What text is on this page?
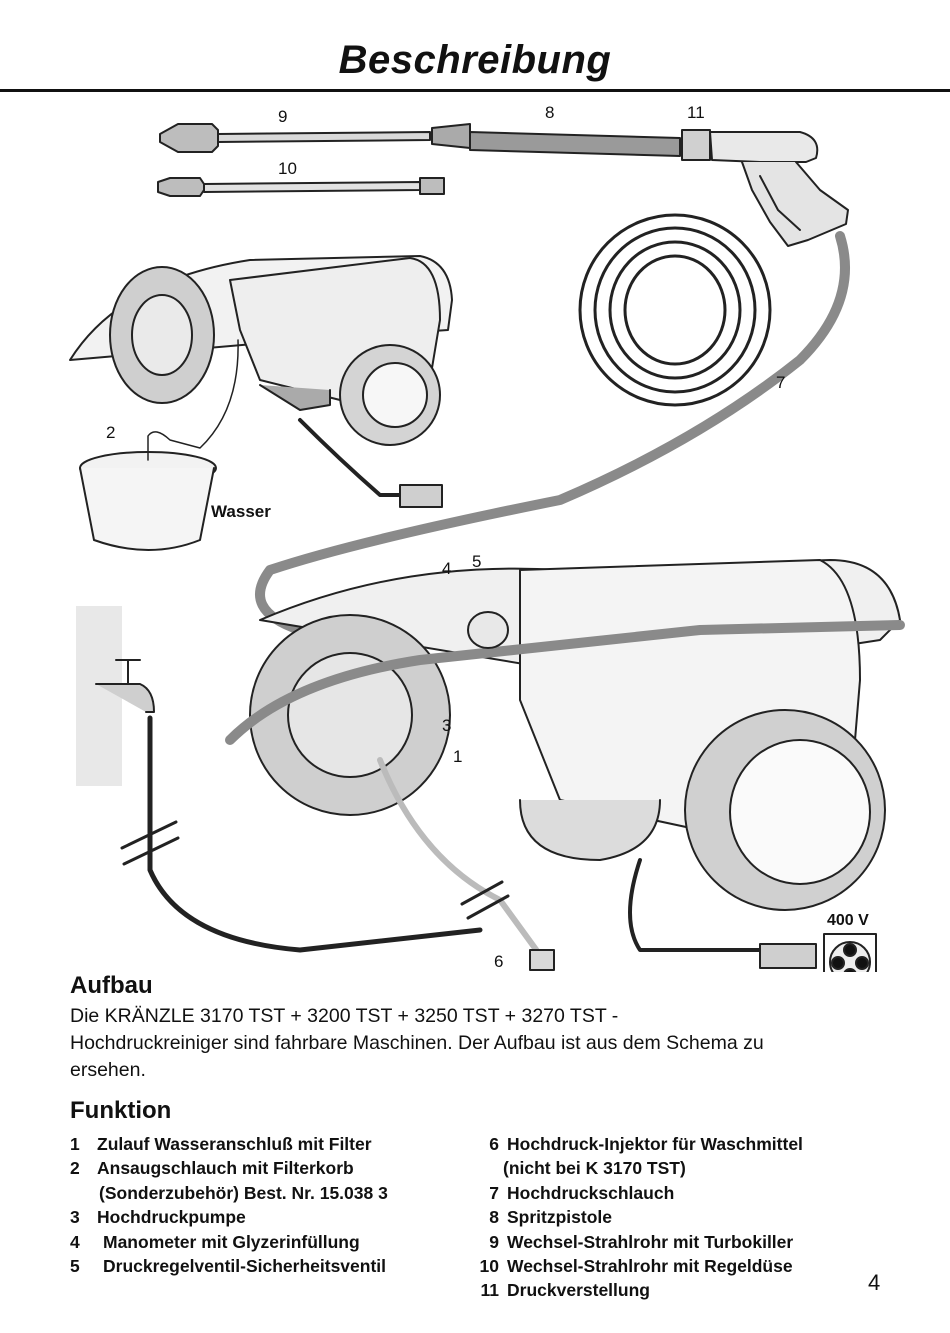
Beschreibung
9	8	11
10
7
2
Wasser
4 5
3
1
400 V
6
Aufbau
Die KRÄNZLE 3170 TST + 3200 TST + 3250 TST + 3270 TST -
Hochdruckreiniger sind fahrbare Maschinen. Der Aufbau ist aus dem Schema zu
ersehen.
Funktion
1 Zulauf Wasseranschluß mit Filter
2 Ansaugschlauch mit Filterkorb
(Sonderzubehör) Best. Nr. 15.038 3
3 Hochdruckpumpe
4 Manometer mit Glyzerinfüllung
5 Druckregelventil-Sicherheitsventil
6 Hochdruck-Injektor für Waschmittel
(nicht bei K 3170 TST)
7 Hochdruckschlauch
8 Spritzpistole
9 Wechsel-Strahlrohr mit Turbokiller
10 Wechsel-Strahlrohr mit Regeldüse
11 Druckverstellung	4
